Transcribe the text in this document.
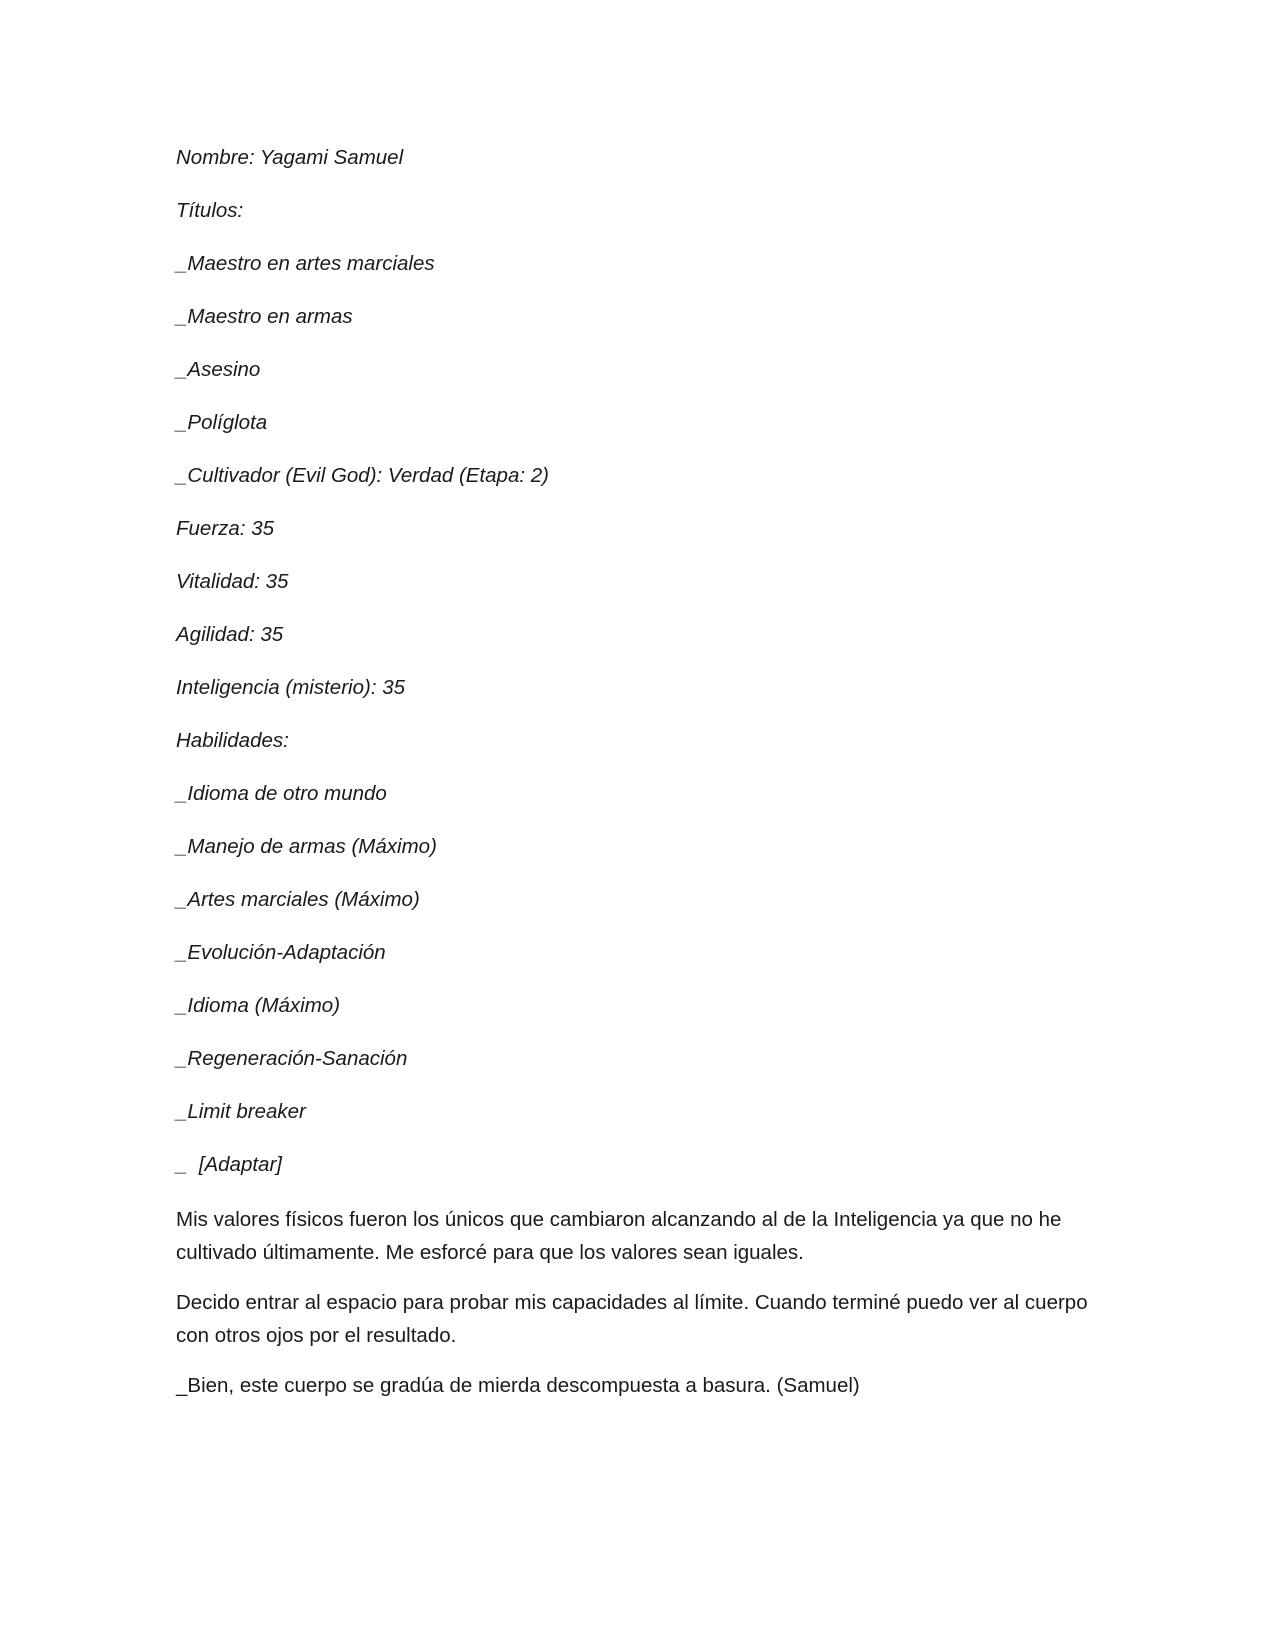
Nombre: Yagami Samuel

Títulos:

_Maestro en artes marciales

_Maestro en armas

_Asesino

_Políglota

_Cultivador (Evil God): Verdad (Etapa: 2)

Fuerza: 35

Vitalidad: 35

Agilidad: 35

Inteligencia (misterio): 35

Habilidades:

_Idioma de otro mundo

_Manejo de armas (Máximo)

_Artes marciales (Máximo)

_Evolución-Adaptación

_Idioma (Máximo)

_Regeneración-Sanación

_Limit breaker

_  [Adaptar]

Mis valores físicos fueron los únicos que cambiaron alcanzando al de la Inteligencia ya que no he cultivado últimamente. Me esforcé para que los valores sean iguales.

Decido entrar al espacio para probar mis capacidades al límite. Cuando terminé puedo ver al cuerpo con otros ojos por el resultado.

_Bien, este cuerpo se gradúa de mierda descompuesta a basura. (Samuel)
